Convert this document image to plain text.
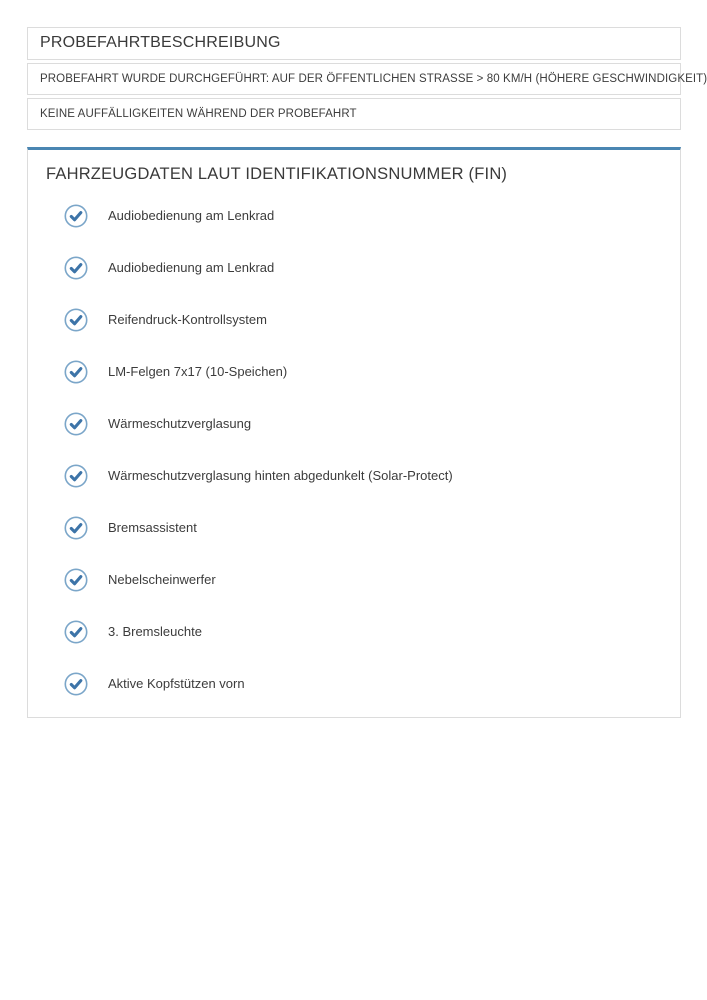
PROBEFAHRTBESCHREIBUNG
PROBEFAHRT WURDE DURCHGEFÜHRT: AUF DER ÖFFENTLICHEN STRASSE > 80 KM/H (HÖHERE GESCHWINDIGKEIT)
KEINE AUFFÄLLIGKEITEN WÄHREND DER PROBEFAHRT
FAHRZEUGDATEN LAUT IDENTIFIKATIONSNUMMER (FIN)
Audiobedienung am Lenkrad
Audiobedienung am Lenkrad
Reifendruck-Kontrollsystem
LM-Felgen 7x17 (10-Speichen)
Wärmeschutzverglasung
Wärmeschutzverglasung hinten abgedunkelt (Solar-Protect)
Bremsassistent
Nebelscheinwerfer
3. Bremsleuchte
Aktive Kopfstützen vorn
